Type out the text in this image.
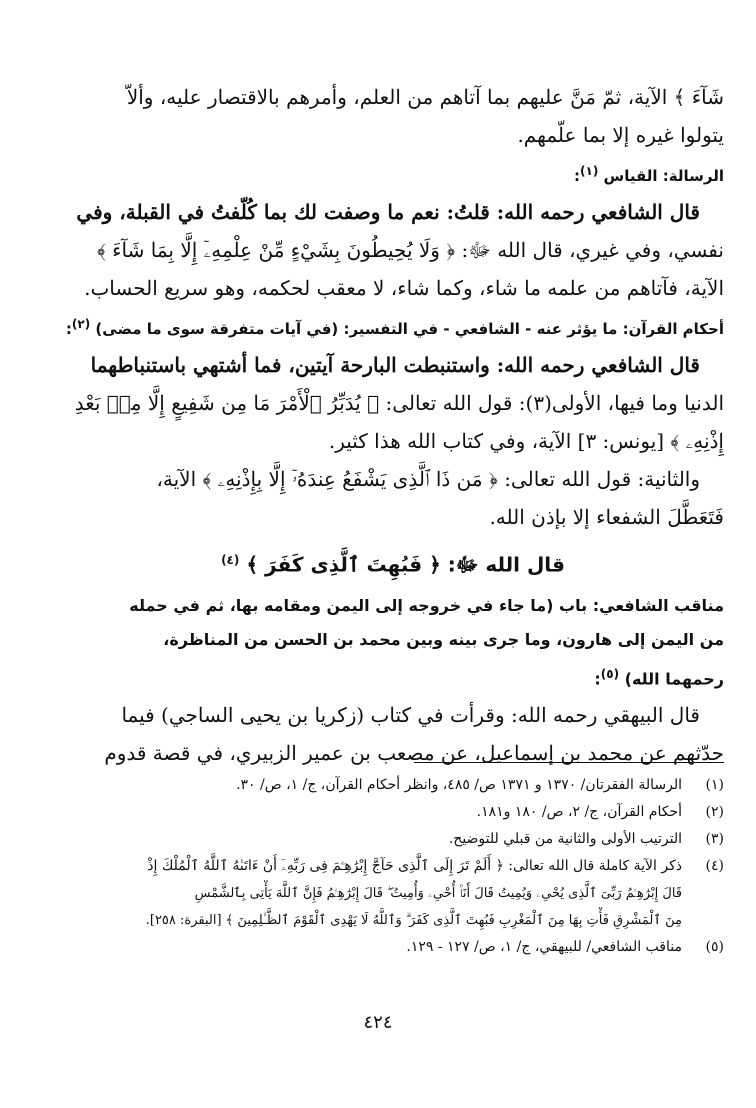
شَآءَ ﴾ الآية، ثمّ مَنَّ عليهم بما آتاهم من العلم، وأمرهم بالاقتصار عليه، وألاّ
يتولوا غيره إلا بما علّمهم.
الرسالة: القياس $^{(١)}$:
قال الشافعي رحمه الله: قلتُ: نعم ما وصفت لك بما كُلّفتُ في القبلة، وفي
نفسي، وفي غيري، قال الله ﷻ: ﴿ وَلَا يُحِيطُونَ بِشَيْءٍ مِّنْ عِلْمِهِۦٓ إِلَّا بِمَا شَآءَ ﴾
الآية، فآتاهم من علمه ما شاء، وكما شاء، لا معقب لحكمه، وهو سريع الحساب.
أحكام القرآن: ما يؤثر عنه - الشافعي - في التفسير: (في آيات متفرقة سوى ما مضى) $^{(٢)}$:
قال الشافعي رحمه الله: واستنبطت البارحة آيتين، فما أشتهي باستنباطهما
الدنيا وما فيها، الأولى(٣): قول الله تعالى: ﴿ يُدَبِّرُ ٱلْأَمْرَ مَا مِن شَفِيعٍ إِلَّا مِنۢ بَعْدِ
إِذْنِهِۦ ﴾ [يونس: ٣] الآية، وفي كتاب الله هذا كثير.
والثانية: قول الله تعالى: ﴿ مَن ذَا ٱلَّذِى يَشْفَعُ عِندَهُۥٓ إِلَّا بِإِذْنِهِۦ ﴾ الآية،
فَتَعَطَّلَ الشفعاء إلا بإذن الله.
قال الله ﷻ: ﴿ فَبُهِتَ ٱلَّذِى كَفَرَ ﴾ $^{(٤)}$
مناقب الشافعي: باب (ما جاء في خروجه إلى اليمن ومقامه بها، ثم في حمله
من اليمن إلى هارون، وما جرى بينه وبين محمد بن الحسن من المناظرة،
رحمهما الله) $^{(٥)}$:
قال البيهقي رحمه الله: وقرأت في كتاب (زكريا بن يحيى الساجي) فيما
حدّثهم عن محمد بن إسماعيل، عن مصعب بن عمير الزبيري، في قصة قدوم
(١)
الرسالة الفقرتان/ ١٣٧٠ و ١٣٧١ ص/ ٤٨٥، وانظر أحكام القرآن، ج/ ١، ص/ ٣٠.
(٢)
أحكام القرآن، ج/ ٢، ص/ ١٨٠ و١٨١.
(٣)
الترتيب الأولى والثانية من قبلي للتوضيح.
(٤)
ذكر الآية كاملة قال الله تعالى: ﴿ أَلَمْ تَرَ إِلَى ٱلَّذِى حَآجَّ إِبْرَٰهِـۧمَ فِى رَبِّهِۦٓ أَنْ ءَاتَىٰهُ ٱللَّهُ ٱلْمُلْكَ إِذْ
قَالَ إِبْرَٰهِـۧمُ رَبِّىَ ٱلَّذِى يُحْىِۦ وَيُمِيتُ قَالَ أَنَا۠ أُحْىِۦ وَأُمِيتُ ۖ قَالَ إِبْرَٰهِـۧمُ فَإِنَّ ٱللَّهَ يَأْتِى بِٱلشَّمْسِ
مِنَ ٱلْمَشْرِقِ فَأْتِ بِهَا مِنَ ٱلْمَغْرِبِ فَبُهِتَ ٱلَّذِى كَفَرَ ۗ وَٱللَّهُ لَا يَهْدِى ٱلْقَوْمَ ٱلظَّـٰلِمِينَ ﴾ [البقرة: ٢٥٨].
(٥)
مناقب الشافعي/ للبيهقي، ج/ ١، ص/ ١٢٧ - ١٢٩.
٤٢٤
